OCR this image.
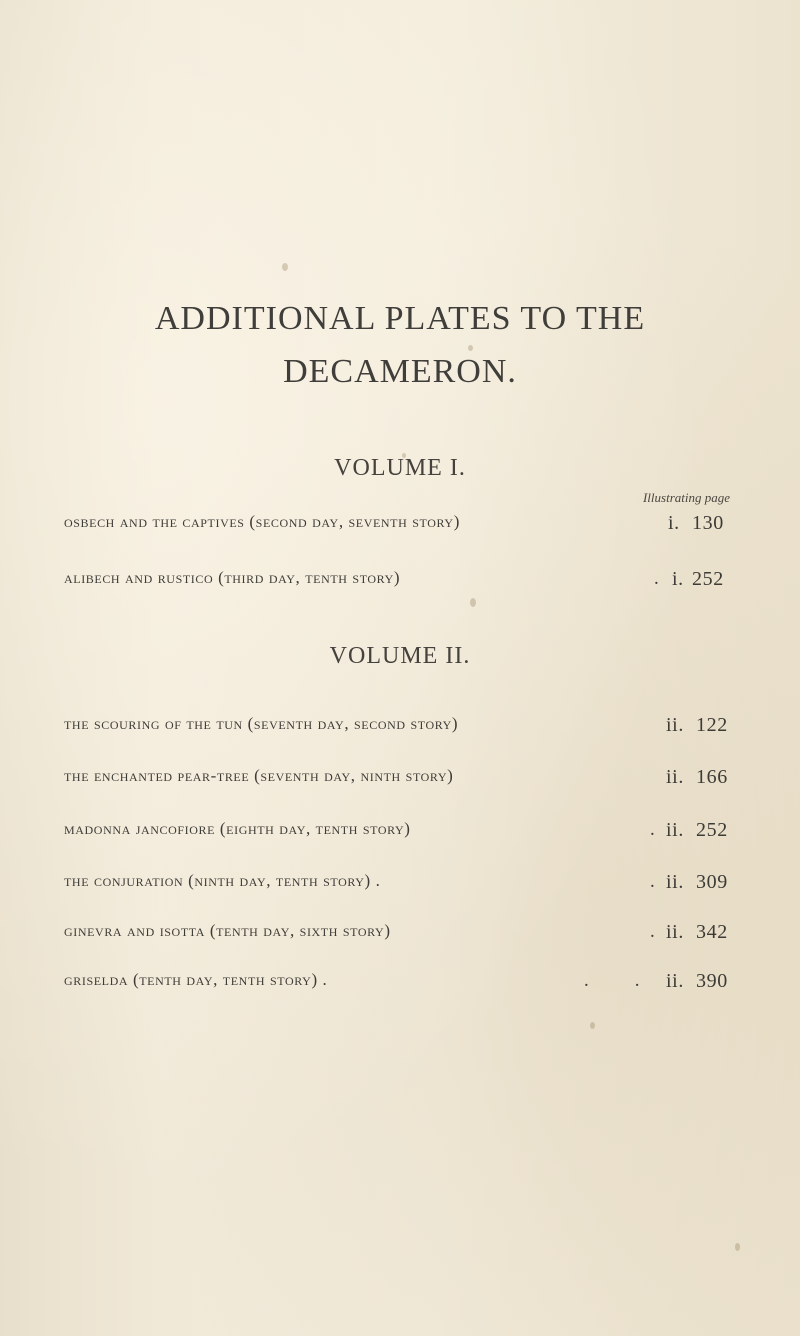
ADDITIONAL PLATES TO THE
DECAMERON.
VOLUME I.
Illustrating page
osbech and the captives (second day, seventh story)	i. 130
alibech and rustico (third day, tenth story)	. i. 252
VOLUME II.
the scouring of the tun (seventh day, second story)	ii. 122
the enchanted pear-tree (seventh day, ninth story)	ii. 166
madonna jancofiore (eighth day, tenth story)	. ii. 252
the conjuration (ninth day, tenth story) .	. ii. 309
ginevra and isotta (tenth day, sixth story)	. ii. 342
griselda (tenth day, tenth story) .	. . ii. 390
